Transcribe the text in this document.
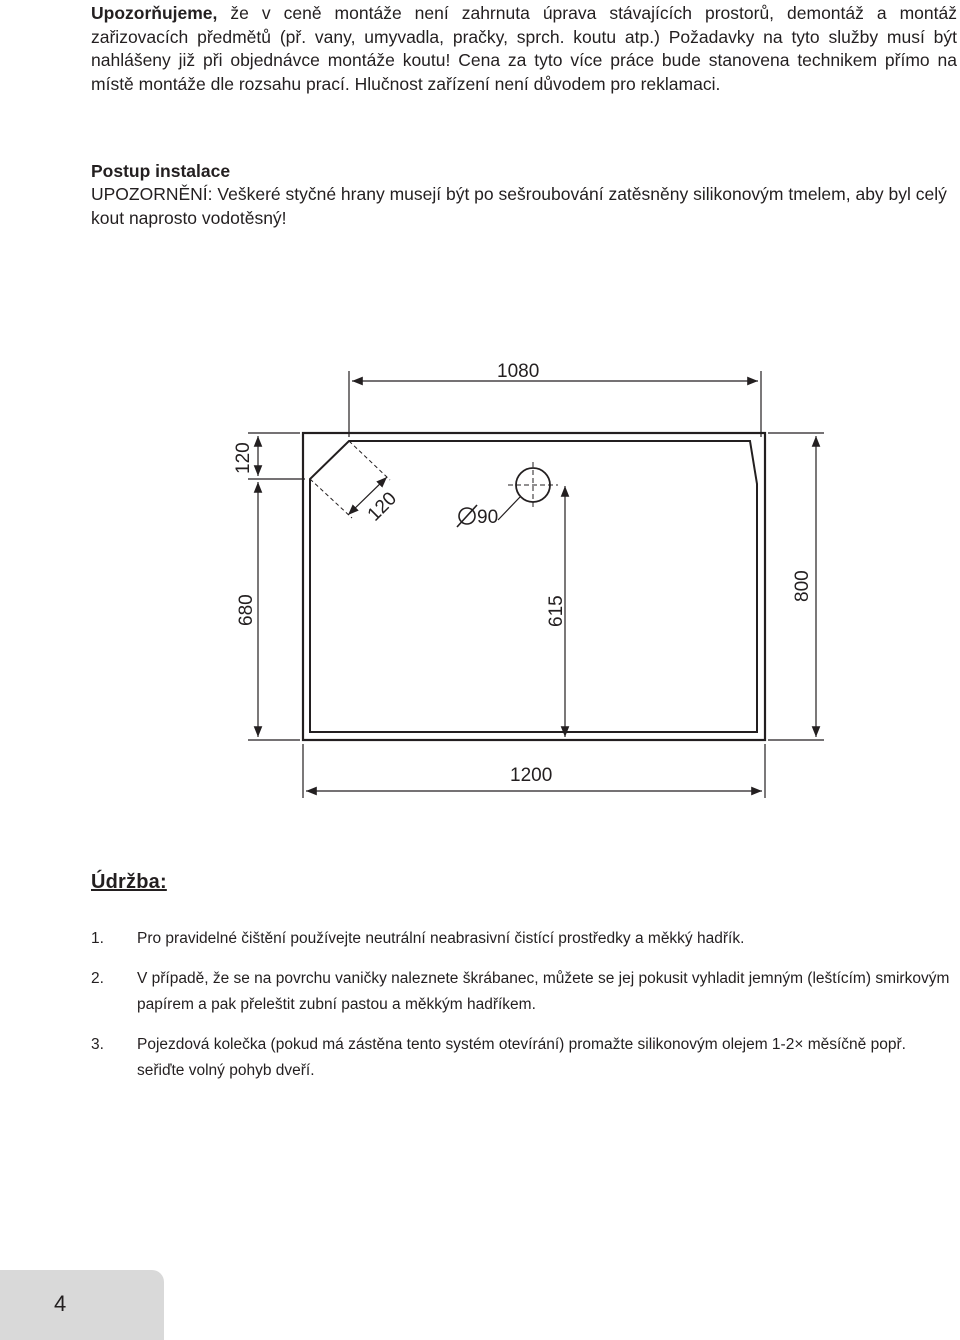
Upozorňujeme, že v ceně montáže není zahrnuta úprava stávajících prostorů, demontáž a montáž zařizovacích předmětů (př. vany, umyvadla, pračky, sprch. koutu atp.) Požadavky na tyto služby musí být nahlášeny již při objednávce montáže koutu! Cena za tyto více práce bude stanovena technikem přímo na místě montáže dle rozsahu prací. Hlučnost zařízení není důvodem pro reklamaci.

Postup instalace

UPOZORNĚNÍ: Veškeré styčné hrany musejí být po sešroubování zatěsněny silikonovým tmelem, aby byl celý kout naprosto vodotěsný!

1080
1200
120
680
120	90
615
800
Údržba:
1.	Pro pravidelné čištění používejte neutrální neabrasivní čistící prostředky a měkký hadřík.
2.	V případě, že se na povrchu vaničky naleznete škrábanec, můžete se jej pokusit vyhladit jemným (leštícím) smirkovým papírem a pak přeleštit zubní pastou a měkkým hadříkem.
3.	Pojezdová kolečka (pokud má zástěna tento systém otevírání) promažte silikonovým olejem 1-2× měsíčně popř. seřiďte volný pohyb dveří.
4
